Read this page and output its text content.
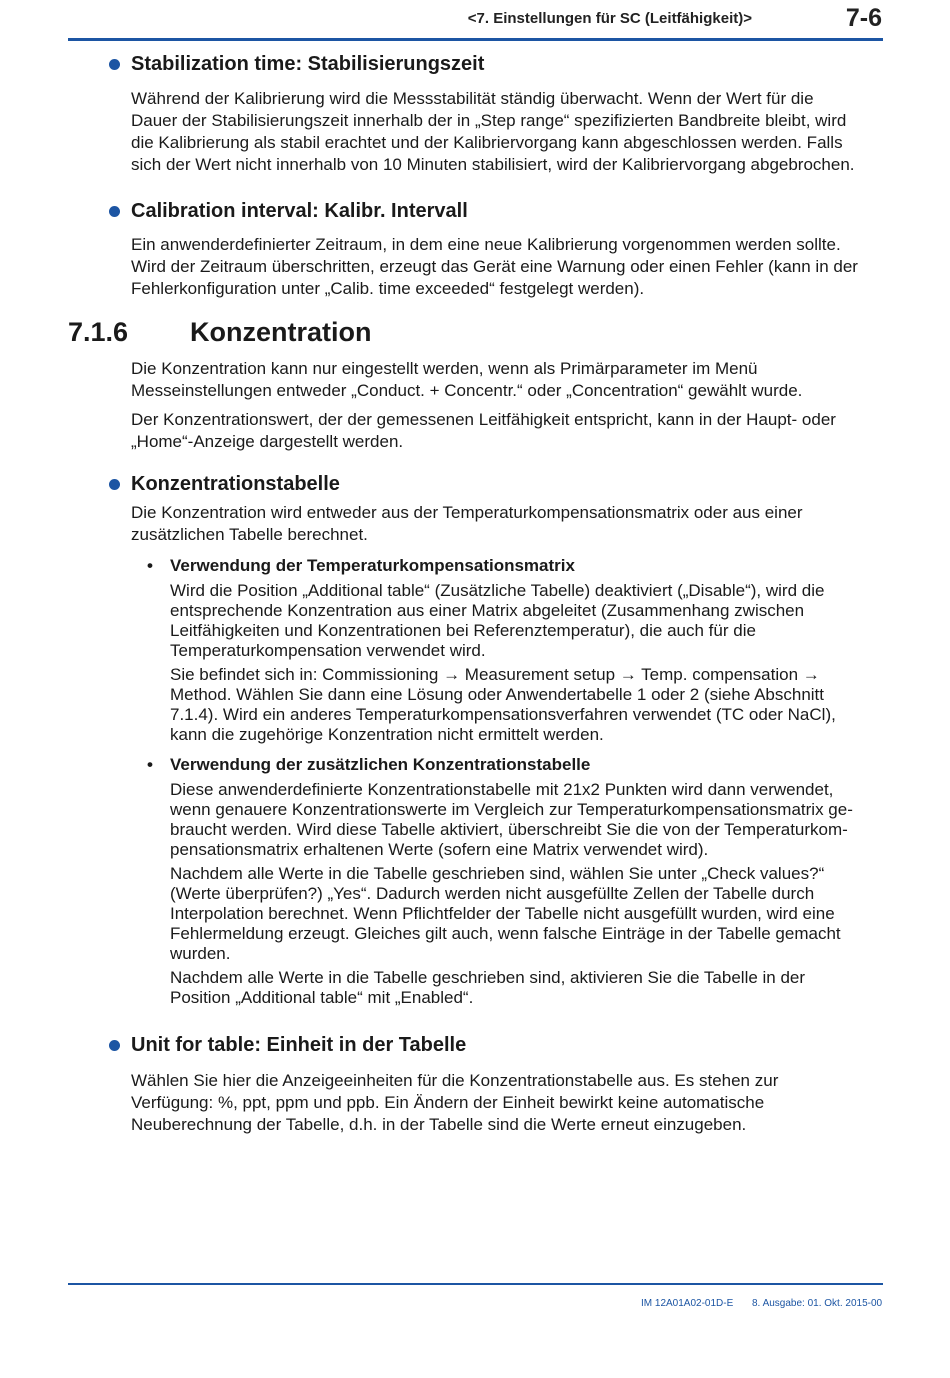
<7. Einstellungen für SC (Leitfähigkeit)>	7-6
Stabilization time: Stabilisierungszeit
Während der Kalibrierung wird die Messstabilität ständig überwacht. Wenn der Wert für die
Dauer der Stabilisierungszeit innerhalb der in „Step range“ spezifizierten Bandbreite bleibt, wird
die Kalibrierung als stabil erachtet und der Kalibriervorgang kann abgeschlossen werden. Falls
sich der Wert nicht innerhalb von 10 Minuten stabilisiert, wird der Kalibriervorgang abgebrochen.
Calibration interval: Kalibr. Intervall
Ein anwenderdefinierter Zeitraum, in dem eine neue Kalibrierung vorgenommen werden sollte.
Wird der Zeitraum überschritten, erzeugt das Gerät eine Warnung oder einen Fehler (kann in der
Fehlerkonfiguration unter „Calib. time exceeded“ festgelegt werden).
7.1.6 Konzentration
Die Konzentration kann nur eingestellt werden, wenn als Primärparameter im Menü
Messeinstellungen entweder „Conduct. + Concentr.“ oder „Concentration“ gewählt wurde.
Der Konzentrationswert, der der gemessenen Leitfähigkeit entspricht, kann in der Haupt- oder
„Home“-Anzeige dargestellt werden.
Konzentrationstabelle
Die Konzentration wird entweder aus der Temperaturkompensationsmatrix oder aus einer
zusätzlichen Tabelle berechnet.
• Verwendung der Temperaturkompensationsmatrix
Wird die Position „Additional table“ (Zusätzliche Tabelle) deaktiviert („Disable“), wird die
entsprechende Konzentration aus einer Matrix abgeleitet (Zusammenhang zwischen
Leitfähigkeiten und Konzentrationen bei Referenztemperatur), die auch für die
Temperaturkompensation verwendet wird.
Sie befindet sich in: Commissioning → Measurement setup → Temp. compensation →
Method. Wählen Sie dann eine Lösung oder Anwendertabelle 1 oder 2 (siehe Abschnitt
7.1.4). Wird ein anderes Temperaturkompensationsverfahren verwendet (TC oder NaCl),
kann die zugehörige Konzentration nicht ermittelt werden.
• Verwendung der zusätzlichen Konzentrationstabelle
Diese anwenderdefinierte Konzentrationstabelle mit 21x2 Punkten wird dann verwendet,
wenn genauere Konzentrationswerte im Vergleich zur Temperaturkompensationsmatrix ge-
braucht werden. Wird diese Tabelle aktiviert, überschreibt Sie die von der Temperaturkom-
pensationsmatrix erhaltenen Werte (sofern eine Matrix verwendet wird).
Nachdem alle Werte in die Tabelle geschrieben sind, wählen Sie unter „Check values?“
(Werte überprüfen?) „Yes“. Dadurch werden nicht ausgefüllte Zellen der Tabelle durch
Interpolation berechnet. Wenn Pflichtfelder der Tabelle nicht ausgefüllt wurden, wird eine
Fehlermeldung erzeugt. Gleiches gilt auch, wenn falsche Einträge in der Tabelle gemacht
wurden.
Nachdem alle Werte in die Tabelle geschrieben sind, aktivieren Sie die Tabelle in der
Position „Additional table“ mit „Enabled“.
Unit for table: Einheit in der Tabelle
Wählen Sie hier die Anzeigeeinheiten für die Konzentrationstabelle aus. Es stehen zur
Verfügung: %, ppt, ppm und ppb. Ein Ändern der Einheit bewirkt keine automatische
Neuberechnung der Tabelle, d.h. in der Tabelle sind die Werte erneut einzugeben.
IM 12A01A02-01D-E 8. Ausgabe: 01. Okt. 2015-00
